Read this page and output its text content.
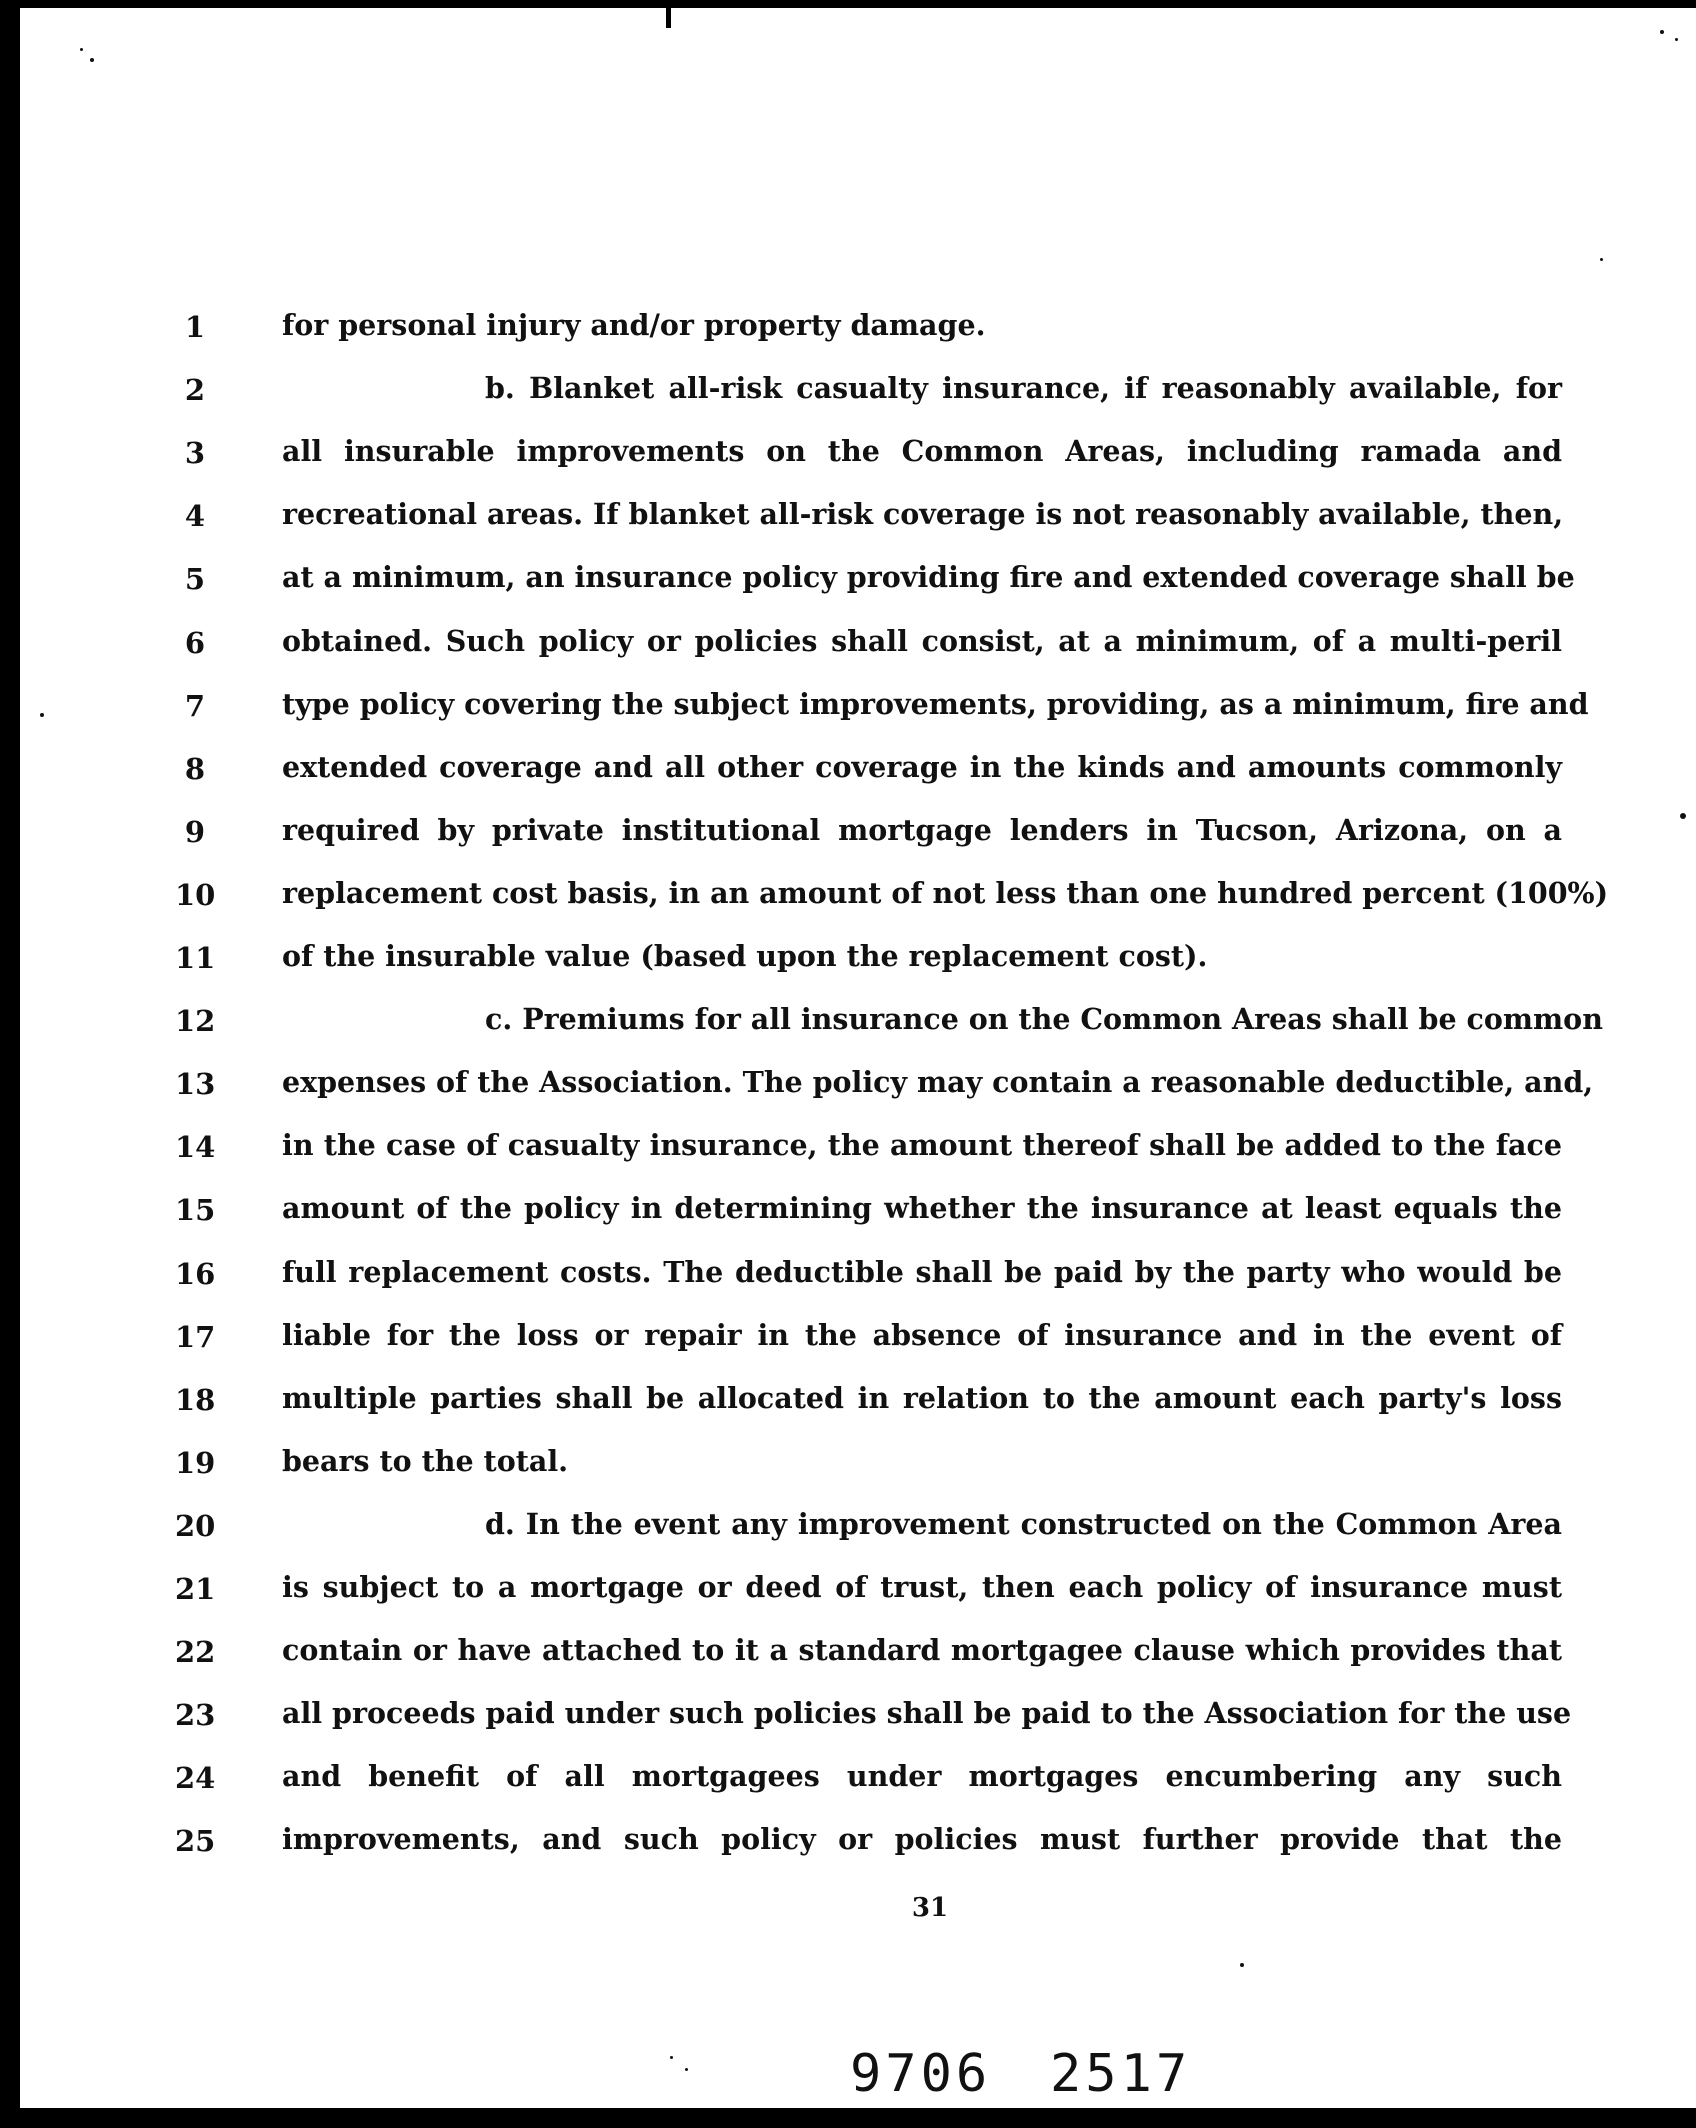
1	for personal injury and/or property damage.
2	b. Blanket all-risk casualty insurance, if reasonably available, for
3	all insurable improvements on the Common Areas, including ramada and
4	recreational areas. If blanket all-risk coverage is not reasonably available, then,
5	at a minimum, an insurance policy providing fire and extended coverage shall be
6	obtained. Such policy or policies shall consist, at a minimum, of a multi-peril
7	type policy covering the subject improvements, providing, as a minimum, fire and
8	extended coverage and all other coverage in the kinds and amounts commonly
9	required by private institutional mortgage lenders in Tucson, Arizona, on a
10 replacement cost basis, in an amount of not less than one hundred percent (100%)
11 of the insurable value (based upon the replacement cost).
12	c. Premiums for all insurance on the Common Areas shall be common
13 expenses of the Association. The policy may contain a reasonable deductible, and,
14 in the case of casualty insurance, the amount thereof shall be added to the face
15 amount of the policy in determining whether the insurance at least equals the
16 full replacement costs. The deductible shall be paid by the party who would be
17 liable for the loss or repair in the absence of insurance and in the event of
18 multiple parties shall be allocated in relation to the amount each party's loss
19 bears to the total.
20	d. In the event any improvement constructed on the Common Area
21 is subject to a mortgage or deed of trust, then each policy of insurance must
22 contain or have attached to it a standard mortgagee clause which provides that
23 all proceeds paid under such policies shall be paid to the Association for the use
24 and benefit of all mortgagees under mortgages encumbering any such
25 improvements, and such policy or policies must further provide that the
31
9706 2517
